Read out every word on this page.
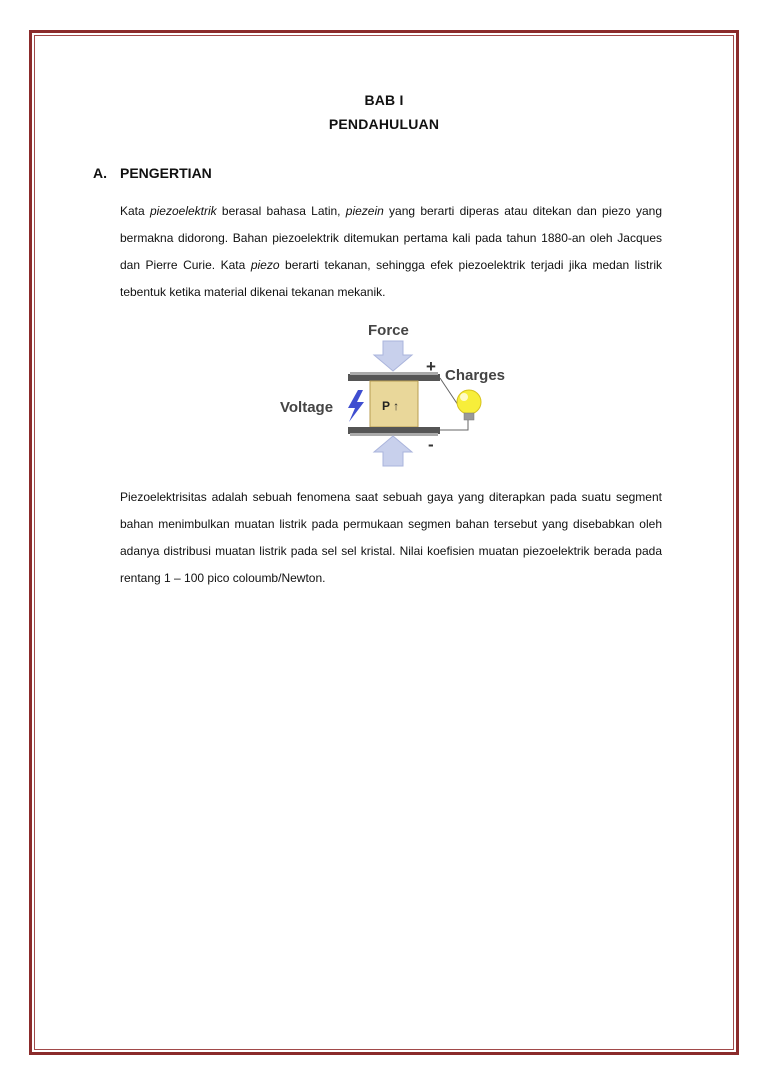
BAB I
PENDAHULUAN
A. PENGERTIAN
Kata piezoelektrik berasal bahasa Latin, piezein yang berarti diperas atau ditekan dan piezo yang bermakna didorong. Bahan piezoelektrik ditemukan pertama kali pada tahun 1880-an oleh Jacques dan Pierre Curie. Kata piezo berarti tekanan, sehingga efek piezoelektrik terjadi jika medan listrik tebentuk ketika material dikenai tekanan mekanik.
Force
P ↑
Voltage
+
-
Charges
Piezoelektrisitas adalah sebuah fenomena saat sebuah gaya yang diterapkan pada suatu segment bahan menimbulkan muatan listrik pada permukaan segmen bahan tersebut yang disebabkan oleh adanya distribusi muatan listrik pada sel sel kristal. Nilai koefisien muatan piezoelektrik berada pada rentang 1 – 100 pico coloumb/Newton.
